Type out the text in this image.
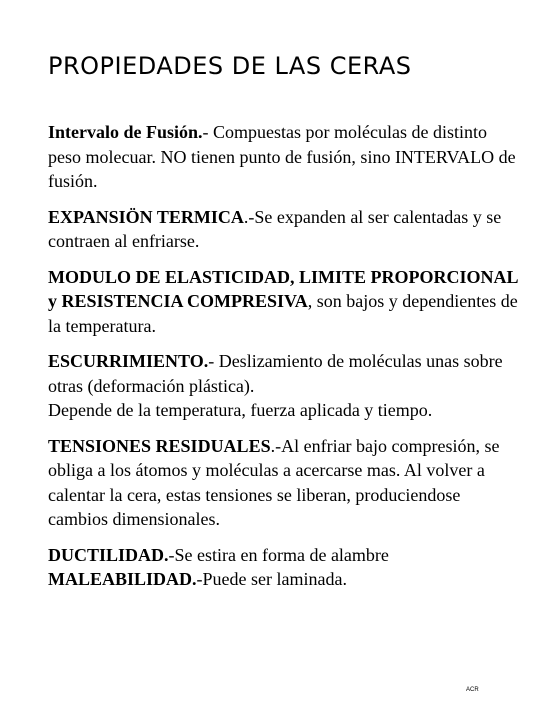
PROPIEDADES DE LAS CERAS

Intervalo de Fusión.- Compuestas por moléculas de distinto peso molecuar. NO tienen punto de fusión, sino INTERVALO de fusión.

EXPANSIÖN TERMICA.-Se expanden al ser calentadas y se contraen al enfriarse.

MODULO DE ELASTICIDAD, LIMITE PROPORCIONAL y RESISTENCIA COMPRESIVA, son bajos y dependientes de la temperatura.

ESCURRIMIENTO.- Deslizamiento de moléculas unas sobre otras (deformación plástica).
Depende de la temperatura, fuerza aplicada y tiempo.

TENSIONES RESIDUALES.-Al enfriar bajo compresión, se obliga a los átomos y moléculas a acercarse mas. Al volver a calentar la cera, estas tensiones se liberan, produciendose cambios dimensionales.

DUCTILIDAD.-Se estira en forma de alambre
MALEABILIDAD.-Puede ser laminada.

ACR
